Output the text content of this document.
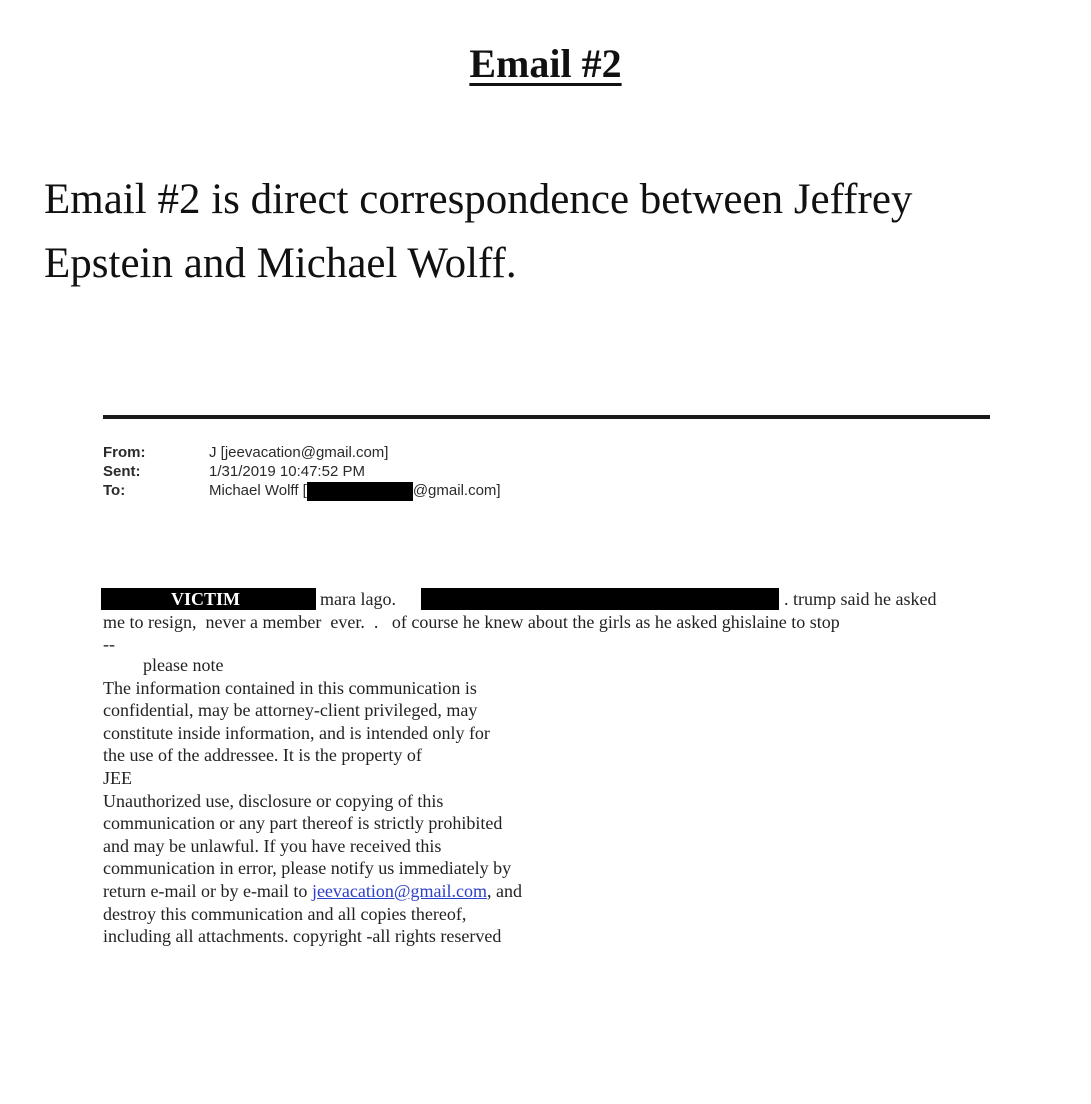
Email #2
Email #2 is direct correspondence between Jeffrey
Epstein and Michael Wolff.
From:	J [jeevacation@gmail.com]
Sent:	1/31/2019 10:47:52 PM
To:	Michael Wolff [	@gmail.com]
VICTIM	mara lago.	. trump said he asked
me to resign,  never a member  ever.  .   of course he knew about the girls as he asked ghislaine to stop
--
please note
The information contained in this communication is
confidential, may be attorney-client privileged, may
constitute inside information, and is intended only for
the use of the addressee. It is the property of
JEE
Unauthorized use, disclosure or copying of this
communication or any part thereof is strictly prohibited
and may be unlawful. If you have received this
communication in error, please notify us immediately by
return e-mail or by e-mail to jeevacation@gmail.com, and
destroy this communication and all copies thereof,
including all attachments. copyright -all rights reserved
